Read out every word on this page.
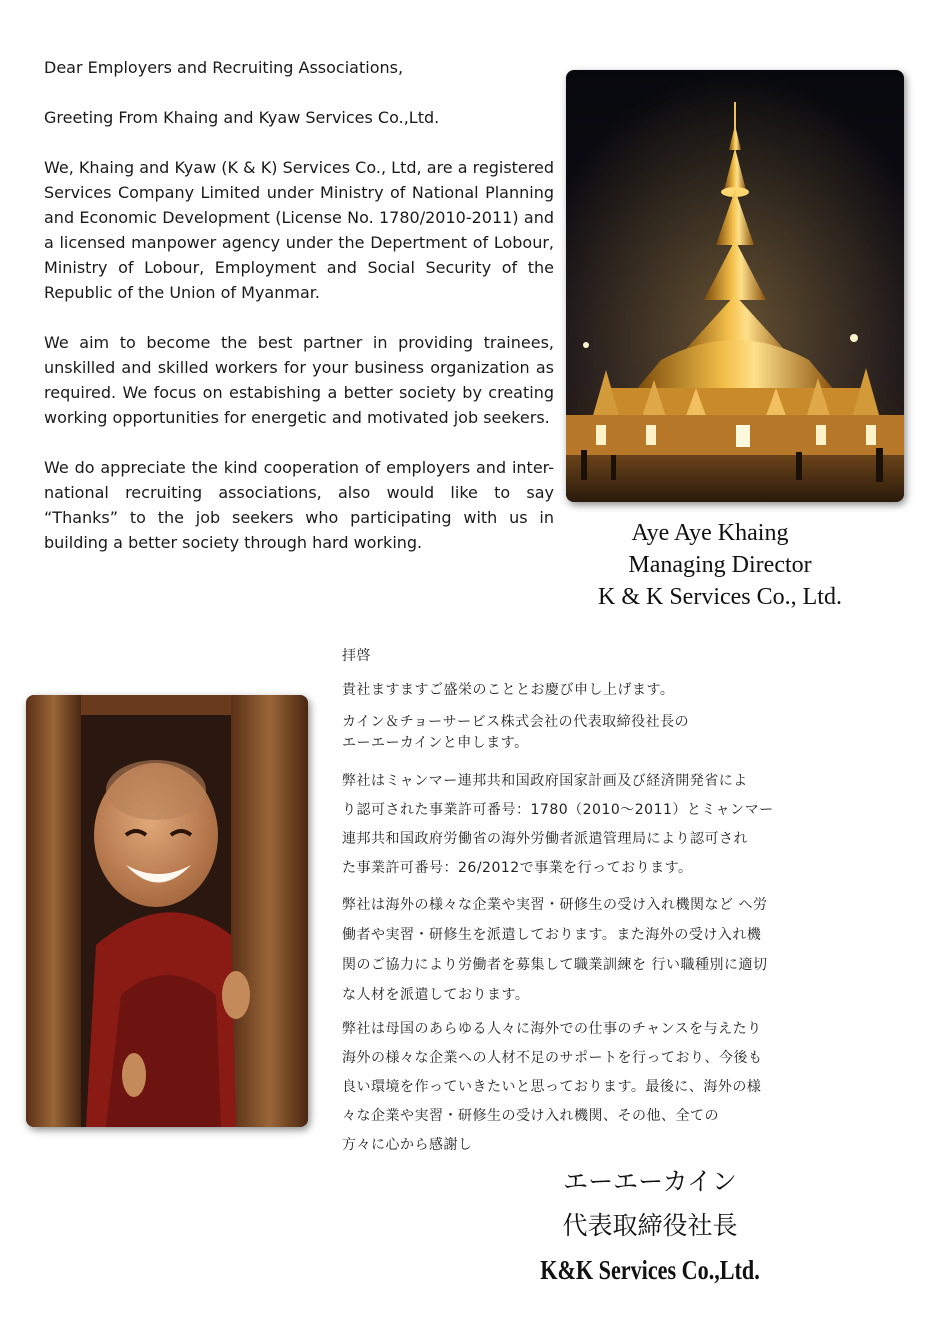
Dear Employers and Recruiting Associations,

Greeting From Khaing and Kyaw Services Co.,Ltd.

We, Khaing and Kyaw (K & K) Services Co., Ltd, are a registered Services Company Limited under Ministry of National Planning and Economic Development (License No. 1780/2010-2011) and a licensed manpower agency under the Depertment of Lobour, Ministry of Lobour, Employment and Social Security of the Republic of the Union of Myanmar.

We aim to become the best partner in providing trainees, unskilled and skilled workers for your business organization as required. We focus on estabishing a better society by creating working opportunities for energetic and motivated job seekers.

We do appreciate the kind cooperation of employers and inter-national recruiting associations, also would like to say “Thanks” to the job seekers who participating with us in building a better society through hard working.	Aye Aye Khaing
Managing Director
K & K Services Co., Ltd.

拝啓

貴社ますますご盛栄のこととお慶び申し上げます。

カイン＆チョーサービス株式会社の代表取締役社長の

エーエーカインと申します。

弊社はミャンマー連邦共和国政府国家計画及び経済開発省によ

り認可された事業許可番号：1780（2010～2011）とミャンマー

連邦共和国政府労働省の海外労働者派遣管理局により認可され

た事業許可番号：26/2012で事業を行っております。

弊社は海外の様々な企業や実習・研修生の受け入れ機関など へ労

働者や実習・研修生を派遣しております。また海外の受け入れ機

関のご協力により労働者を募集して職業訓練を 行い職種別に適切

な人材を派遣しております。

弊社は母国のあらゆる人々に海外での仕事のチャンスを与えたり

海外の様々な企業への人材不足のサポートを行っており、今後も

良い環境を作っていきたいと思っております。最後に、海外の様

々な企業や実習・研修生の受け入れ機関、その他、全ての

方々に心から感謝し

エーエーカイン
代表取締役社長
K&K Services Co.,Ltd.
